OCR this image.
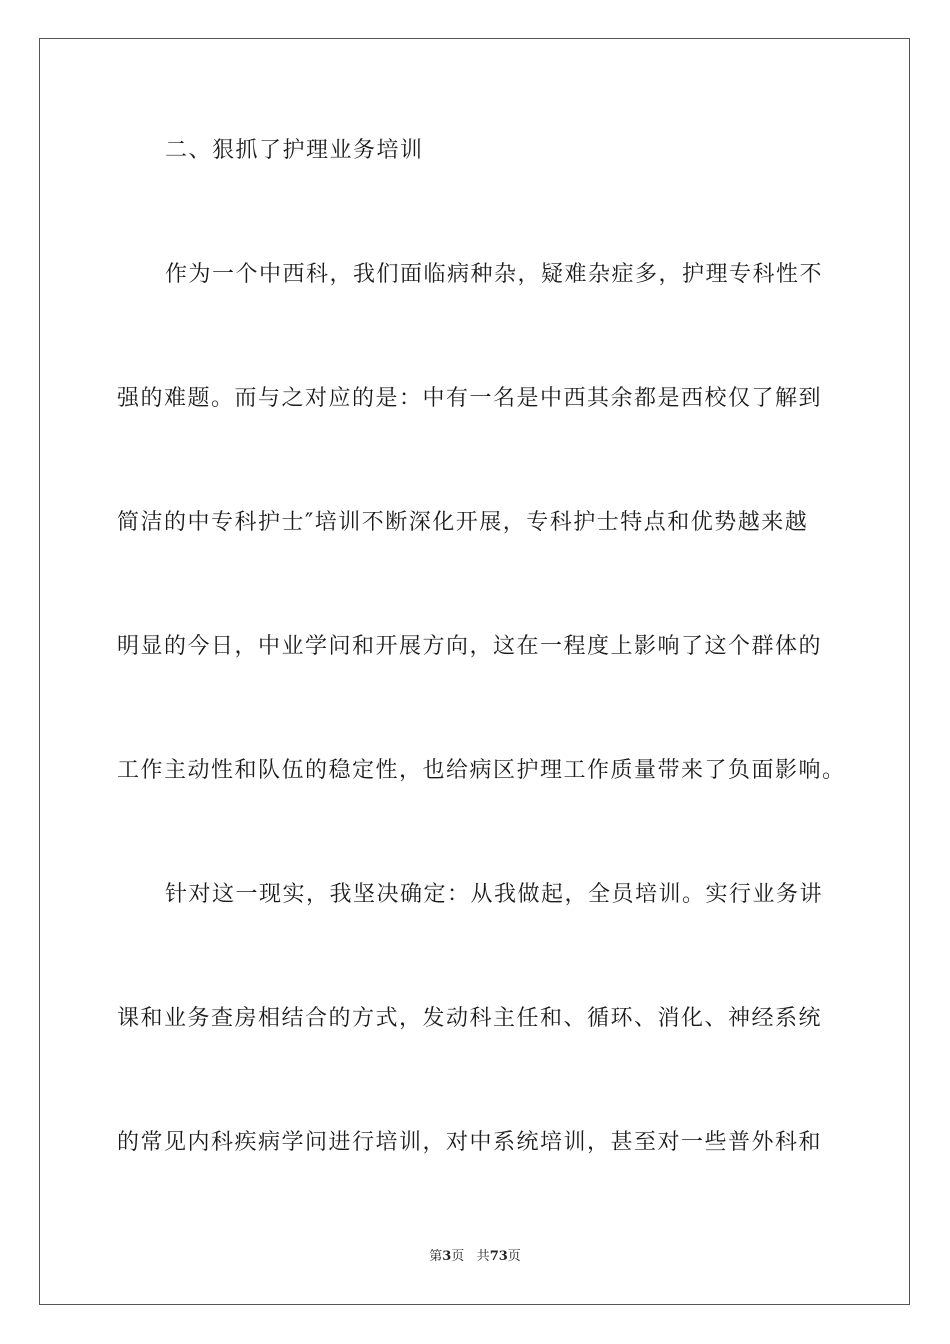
二、狠抓了护理业务培训
作为一个中西科，我们面临病种杂，疑难杂症多，护理专科性不
强的难题。而与之对应的是：中有一名是中西其余都是西校仅了解到
简洁的中专科护士″培训不断深化开展，专科护士特点和优势越来越
明显的今日，中业学问和开展方向，这在一程度上影响了这个群体的
工作主动性和队伍的稳定性，也给病区护理工作质量带来了负面影响。
针对这一现实，我坚决确定：从我做起，全员培训。实行业务讲
课和业务查房相结合的方式，发动科主任和、循环、消化、神经系统
的常见内科疾病学问进行培训，对中系统培训，甚至对一些普外科和
第3页 共73页
